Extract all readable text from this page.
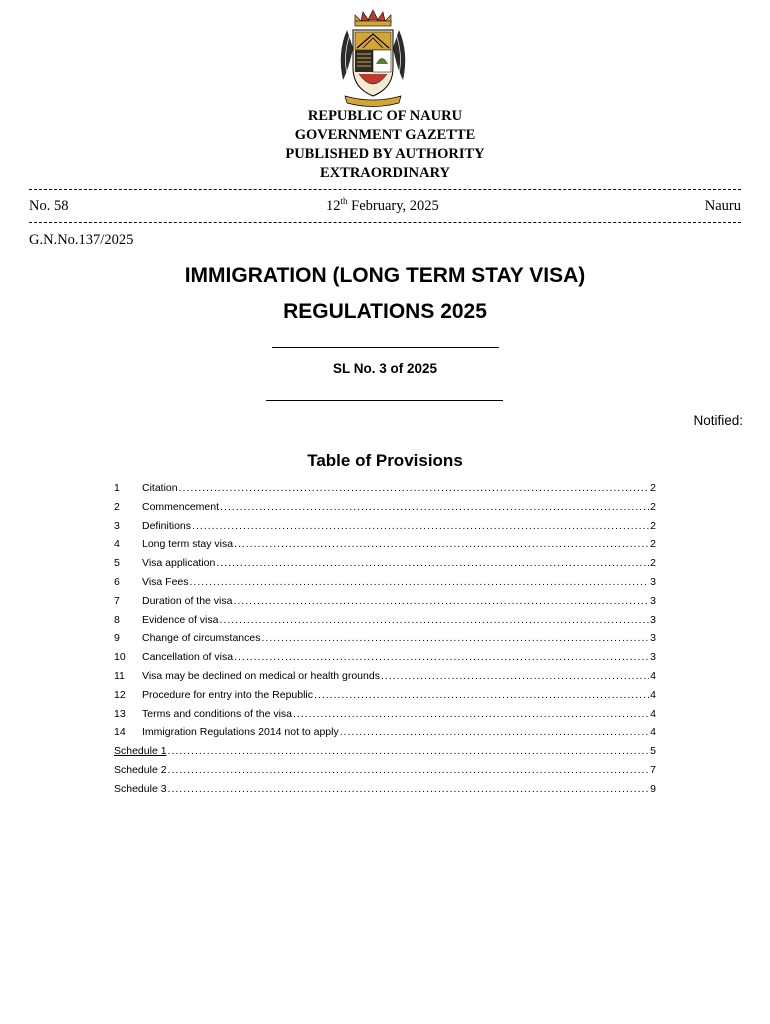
REPUBLIC OF NAURU
GOVERNMENT GAZETTE
PUBLISHED BY AUTHORITY
EXTRAORDINARY
No. 58	12th February, 2025	Nauru
G.N.No.137/2025
IMMIGRATION (LONG TERM STAY VISA)
REGULATIONS 2025
SL No. 3 of 2025
Notified:
Table of Provisions
1	Citation .....	2
2	Commencement .....	2
3	Definitions .....	2
4	Long term stay visa .....	2
5	Visa application .....	2
6	Visa Fees .....	3
7	Duration of the visa .....	3
8	Evidence of visa .....	3
9	Change of circumstances .....	3
10	Cancellation of visa .....	3
11	Visa may be declined on medical or health grounds .....	4
12	Procedure for entry into the Republic .....	4
13	Terms and conditions of the visa .....	4
14	Immigration Regulations 2014 not to apply .....	4
Schedule 1 .....	5
Schedule 2 .....	7
Schedule 3 .....	9
